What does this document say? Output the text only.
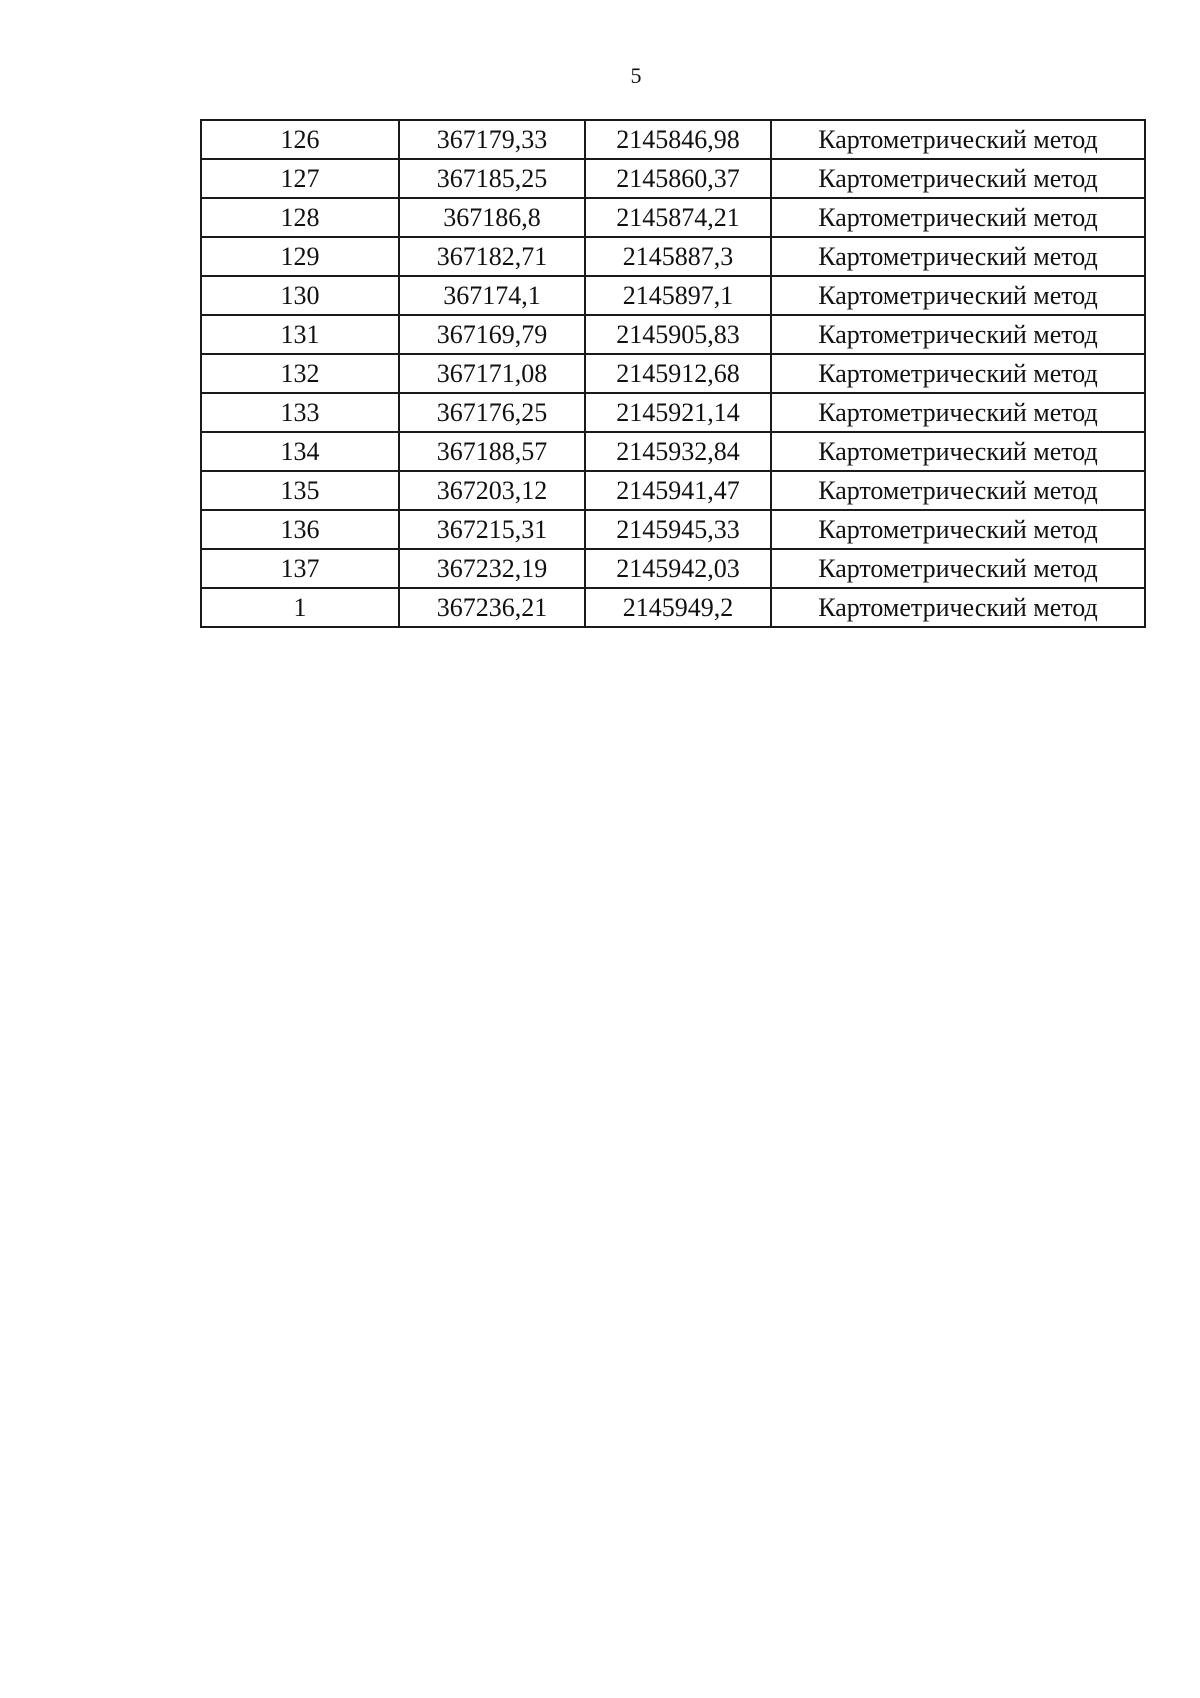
5
126	367179,33	2145846,98	Картометрический метод
127	367185,25	2145860,37	Картометрический метод
128	367186,8	2145874,21	Картометрический метод
129	367182,71	2145887,3	Картометрический метод
130	367174,1	2145897,1	Картометрический метод
131	367169,79	2145905,83	Картометрический метод
132	367171,08	2145912,68	Картометрический метод
133	367176,25	2145921,14	Картометрический метод
134	367188,57	2145932,84	Картометрический метод
135	367203,12	2145941,47	Картометрический метод
136	367215,31	2145945,33	Картометрический метод
137	367232,19	2145942,03	Картометрический метод
1	367236,21	2145949,2	Картометрический метод
